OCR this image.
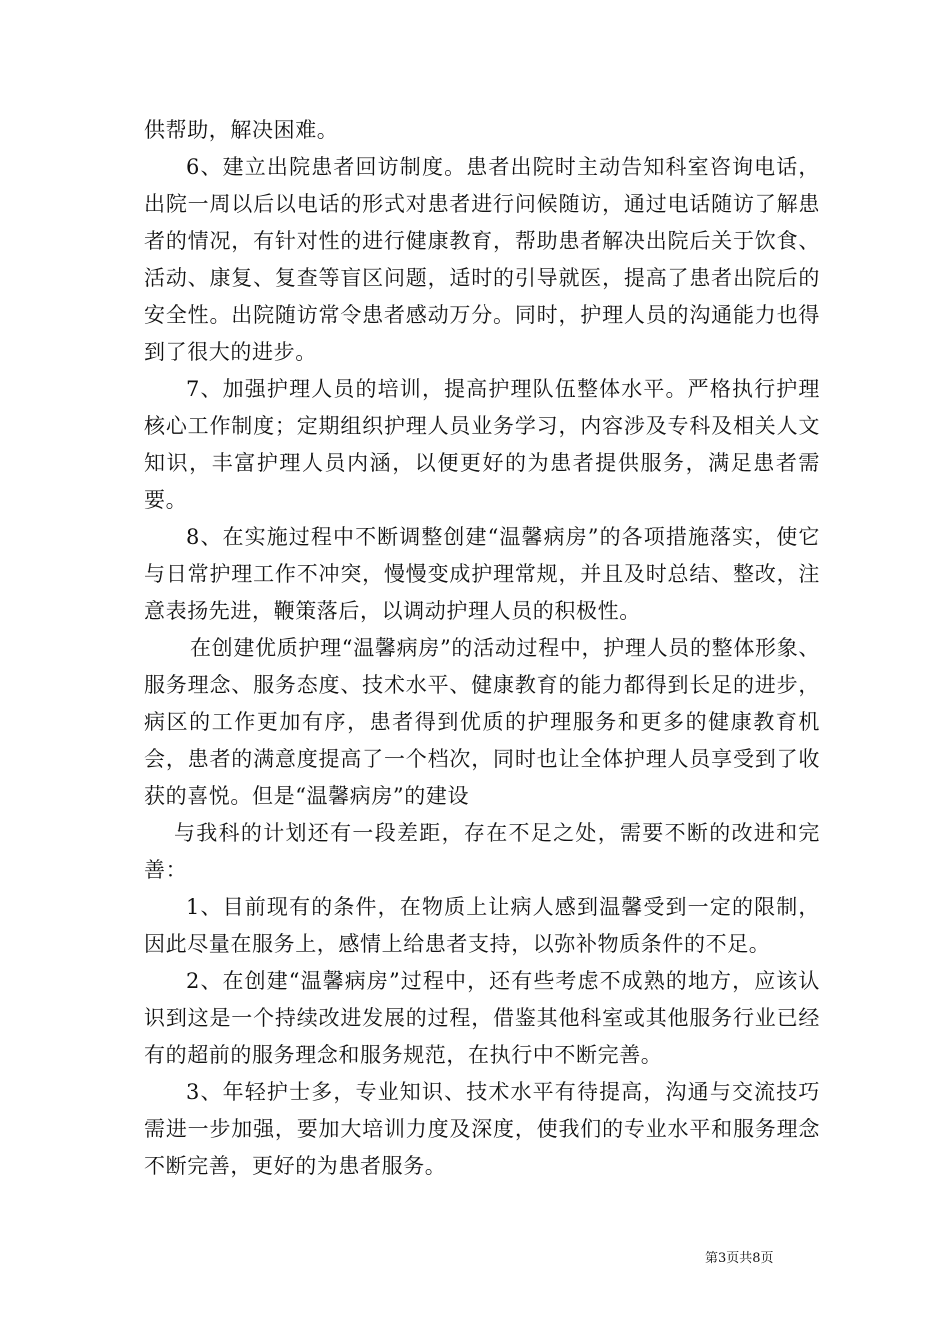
供帮助，解决困难。

6、建立出院患者回访制度。患者出院时主动告知科室咨询电话，出院一周以后以电话的形式对患者进行问候随访，通过电话随访了解患者的情况，有针对性的进行健康教育，帮助患者解决出院后关于饮食、活动、康复、复查等盲区问题，适时的引导就医，提高了患者出院后的安全性。出院随访常令患者感动万分。同时，护理人员的沟通能力也得到了很大的进步。

7、加强护理人员的培训，提高护理队伍整体水平。严格执行护理核心工作制度；定期组织护理人员业务学习，内容涉及专科及相关人文知识，丰富护理人员内涵，以便更好的为患者提供服务，满足患者需要。

8、在实施过程中不断调整创建“温馨病房”的各项措施落实，使它与日常护理工作不冲突，慢慢变成护理常规，并且及时总结、整改，注意表扬先进，鞭策落后，以调动护理人员的积极性。

在创建优质护理“温馨病房”的活动过程中，护理人员的整体形象、服务理念、服务态度、技术水平、健康教育的能力都得到长足的进步，病区的工作更加有序，患者得到优质的护理服务和更多的健康教育机会，患者的满意度提高了一个档次，同时也让全体护理人员享受到了收获的喜悦。但是“温馨病房”的建设

与我科的计划还有一段差距，存在不足之处，需要不断的改进和完善：

1、目前现有的条件，在物质上让病人感到温馨受到一定的限制，因此尽量在服务上，感情上给患者支持，以弥补物质条件的不足。

2、在创建“温馨病房”过程中，还有些考虑不成熟的地方，应该认识到这是一个持续改进发展的过程，借鉴其他科室或其他服务行业已经有的超前的服务理念和服务规范，在执行中不断完善。

3、年轻护士多，专业知识、技术水平有待提高，沟通与交流技巧需进一步加强，要加大培训力度及深度，使我们的专业水平和服务理念不断完善，更好的为患者服务。

第3页共8页
